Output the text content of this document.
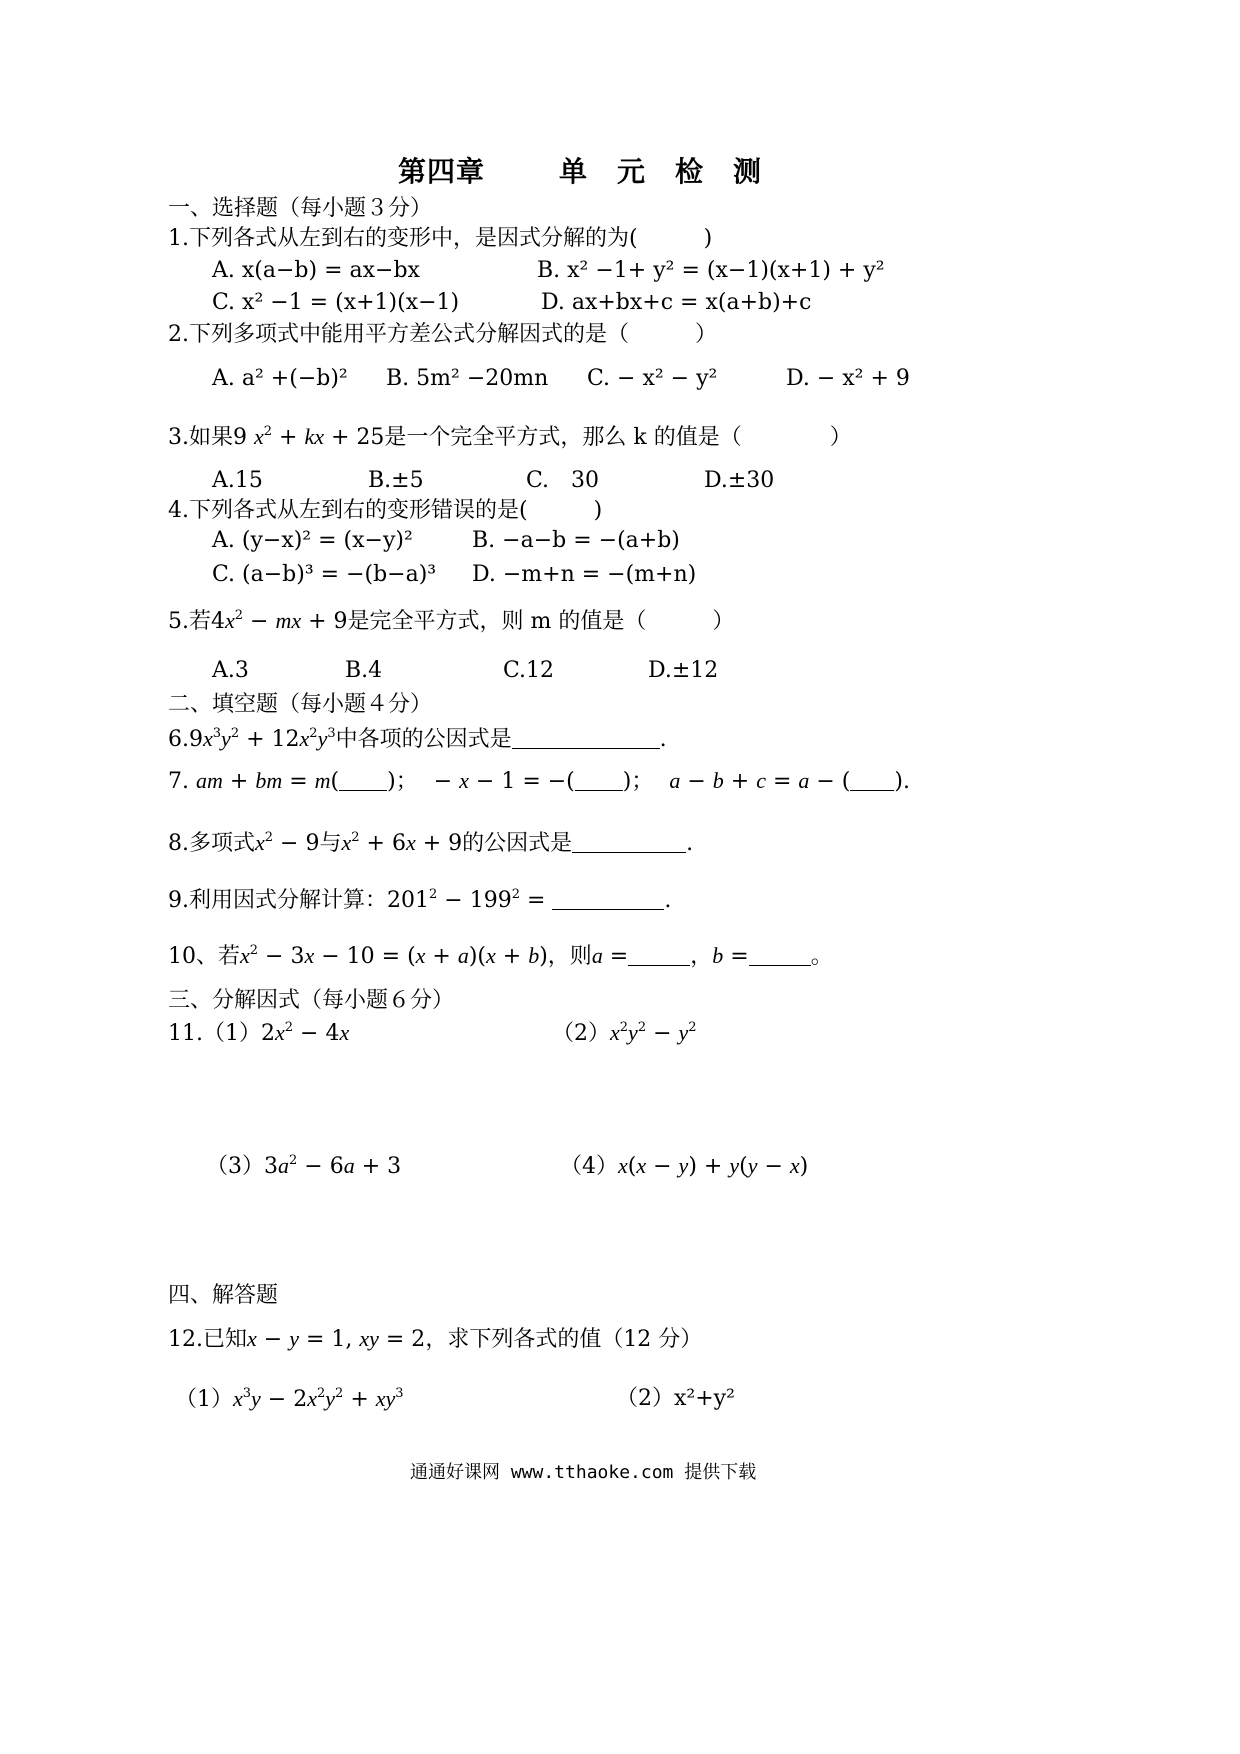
第四章	单　元　检　测
一、选择题（每小题３分）
1.下列各式从左到右的变形中，是因式分解的为(　　　)
A. x(a−b) = ax−bx	B. x² −1+ y² = (x−1)(x+1) + y²
C. x² −1 = (x+1)(x−1)	D. ax+bx+c = x(a+b)+c
2.下列多项式中能用平方差公式分解因式的是（　　　）
A. a² +(−b)² B. 5m² −20mn C. − x² − y²	D. − x² + 9
3.如果9 $x^2$ + kx + 25是一个完全平方式，那么 k 的值是（　　　　）
A.15	B.±5	C.　30	D.±30
4.下列各式从左到右的变形错误的是(　　　)
A. (y−x)² = (x−y)²	B. −a−b = −(a+b)
C. (a−b)³ = −(b−a)³ D. −m+n = −(m+n)
5.若$4x^2$ − mx + 9是完全平方式，则 m 的值是（　　　）
A.3	B.4	C.12	D.±12
二、填空题（每小题４分）
$6.9x^3y^2 + 12x^2y^3$中各项的公因式是	.
7. am + bm = m( )； − x − 1 = −( )； a − b + c = a − ( ).
8.多项式$x^2 - 9$与$x^2 + 6x + 9$的公因式是	.
9.利用因式分解计算：$201^2 - 199^2$ =	.
10、若$x^2 - 3x - 10 = (x + a)(x + b)$，则a =	，b =	。
三、分解因式（每小题６分）
$11.(1)2x^2 - 4x$	$(2)x^2y^2 - y^2$
$(3)3a^2 - 6a + 3$	（4）x(x − y) + y(y − x)
四、解答题
12.已知x − y = 1, xy = 2，求下列各式的值（12 分）
$(1)x^3y - 2x^2y^2 + xy^3$	（2）x²+y²
通通好课网 www.tthaoke.com 提供下载
